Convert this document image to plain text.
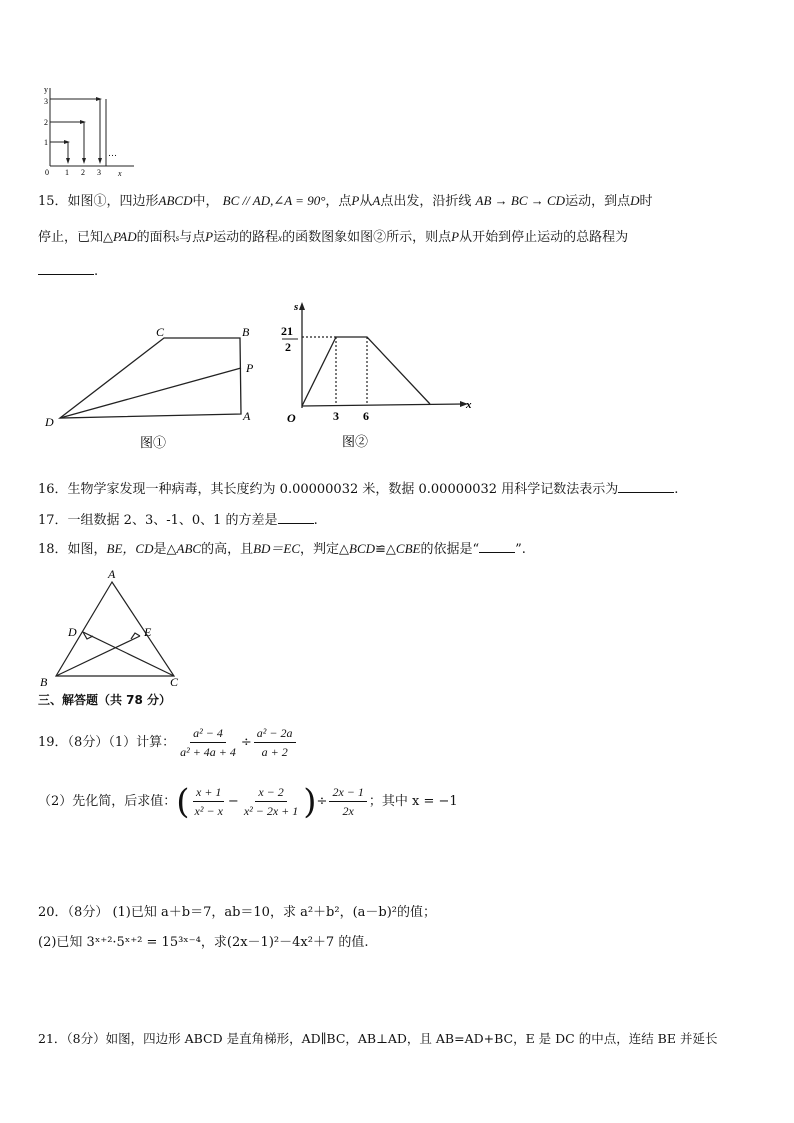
y
3
2
1
0 1 2 3
…
x
15．如图①，四边形ABCD中， BC // AD,∠A = 90°，点P从A点出发，沿折线 AB → BC → CD运动，到点D时
停止，已知△PAD的面积s与点P运动的路程x的函数图象如图②所示，则点P从开始到停止运动的总路程为
.
C	B
P
D	A
图①
s
21
2
O	3 6
x
图②
16．生物学家发现一种病毒，其长度约为 0.00000032 米，数据 0.00000032 用科学记数法表示为	.
17．一组数据 2、3、-1、0、1 的方差是	.
18．如图，BE，CD是△ABC的高，且BD＝EC，判定△BCD≌△CBE的依据是“	”.
A
D	E
B	C
三、解答题（共 78 分）
19．（8分）（1）计算： $\frac{\text{a² − 4}}{\text{a² + 4a + 4}} \div \frac{\text{a² − 2a}}{a + 2}$
（2）先化简，后求值： ( $\frac{x + 1}{\text{x² − x}} - \frac{x - 2}{\text{x² − 2x + 1}}$ ) ÷ $\frac{2x - 1}{2x}$ ；其中 x = −1
20．（8分） (1)已知 a＋b＝7，ab＝10，求 a²＋b²，(a－b)²的值；
(2)已知 3ˣ⁺²·5ˣ⁺² = 15³ˣ⁻⁴，求(2x－1)²－4x²＋7 的值.
21．（8分）如图，四边形 ABCD 是直角梯形，AD∥BC，AB⊥AD，且 AB=AD+BC，E 是 DC 的中点，连结 BE 并延长
